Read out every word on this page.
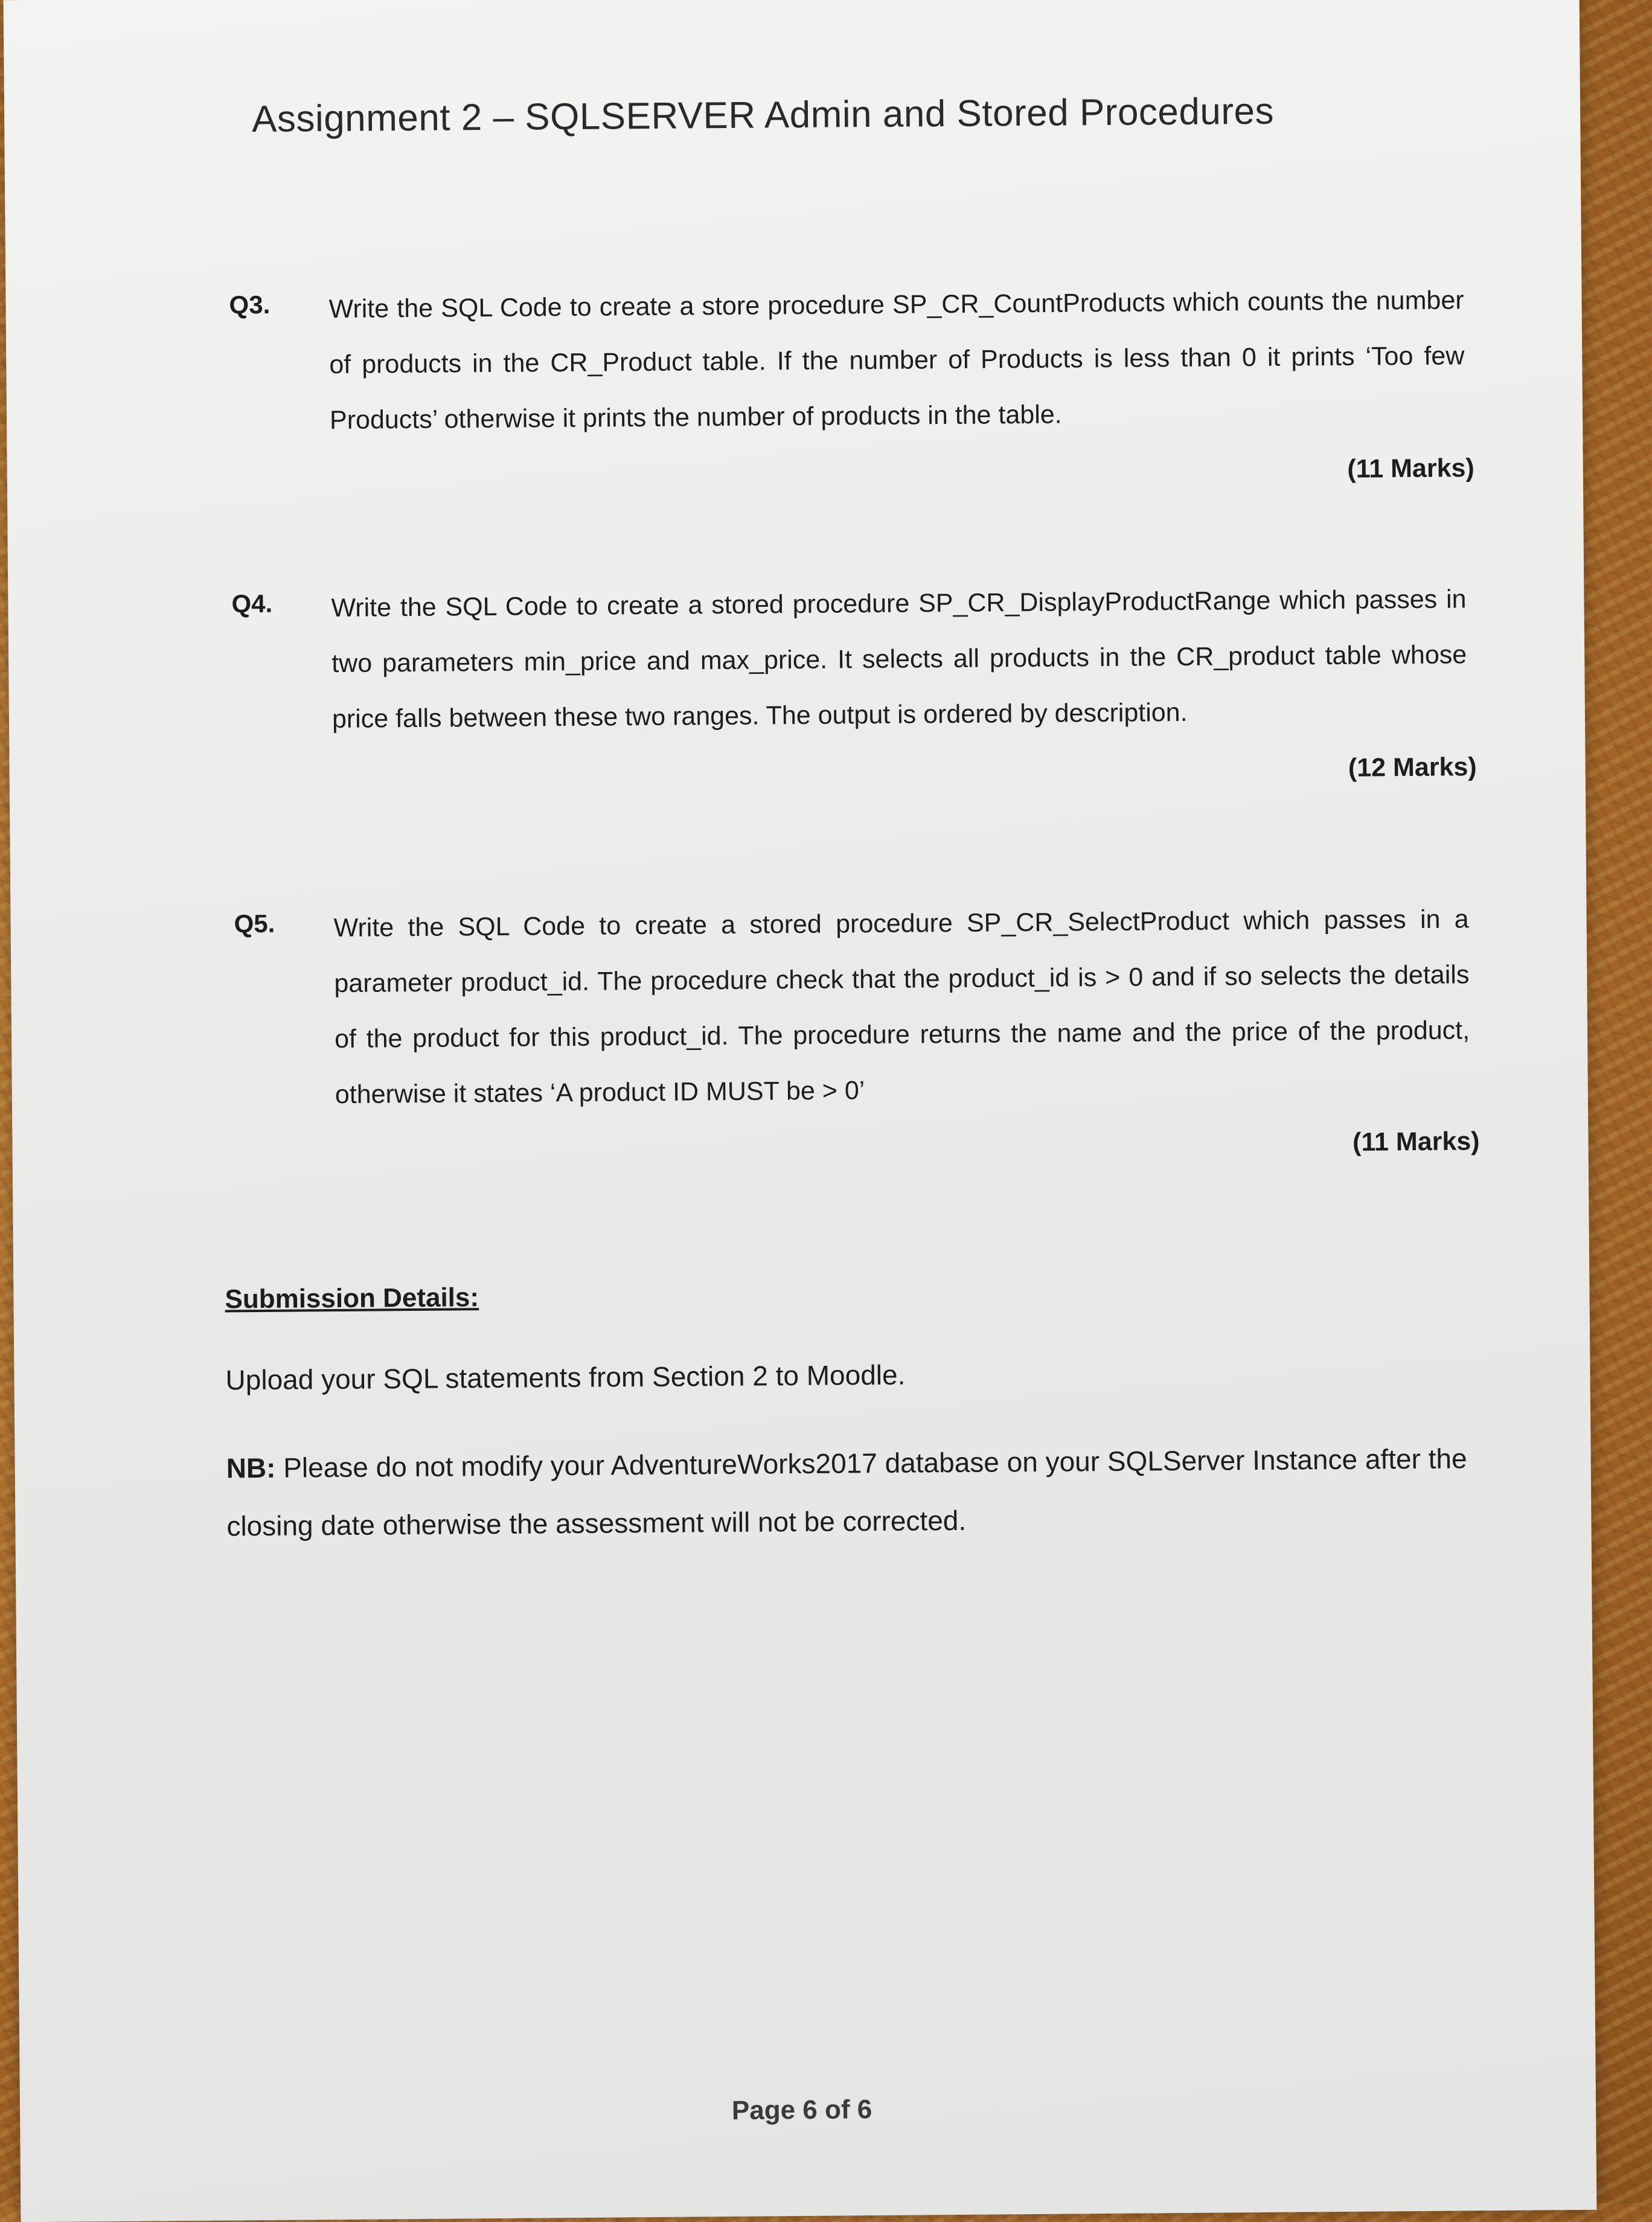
Assignment 2 – SQLSERVER Admin and Stored Procedures
Q3. Write the SQL Code to create a store procedure SP_CR_CountProducts which counts the number of products in the CR_Product table. If the number of Products is less than 0 it prints ‘Too few Products’ otherwise it prints the number of products in the table.

(11 Marks)
Q4. Write the SQL Code to create a stored procedure SP_CR_DisplayProductRange which passes in two parameters min_price and max_price. It selects all products in the CR_product table whose price falls between these two ranges. The output is ordered by description.

(12 Marks)
Q5. Write the SQL Code to create a stored procedure SP_CR_SelectProduct which passes in a parameter product_id. The procedure check that the product_id is > 0 and if so selects the details of the product for this product_id. The procedure returns the name and the price of the product, otherwise it states ‘A product ID MUST be > 0’

(11 Marks)

Submission Details:

Upload your SQL statements from Section 2 to Moodle.

NB: Please do not modify your AdventureWorks2017 database on your SQLServer Instance after the closing date otherwise the assessment will not be corrected.

Page 6 of 6
